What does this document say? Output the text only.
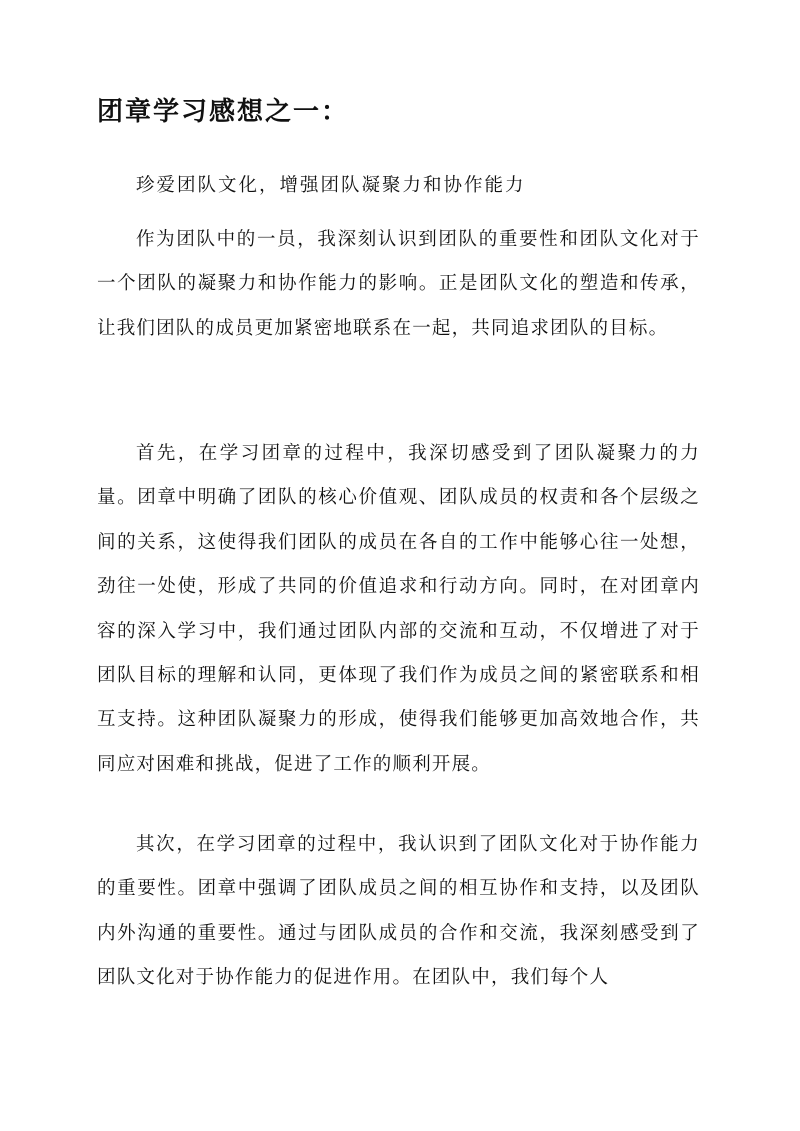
团章学习感想之一：

珍爱团队文化，增强团队凝聚力和协作能力

作为团队中的一员，我深刻认识到团队的重要性和团队文化对于一个团队的凝聚力和协作能力的影响。正是团队文化的塑造和传承，让我们团队的成员更加紧密地联系在一起，共同追求团队的目标。

首先，在学习团章的过程中，我深切感受到了团队凝聚力的力量。团章中明确了团队的核心价值观、团队成员的权责和各个层级之间的关系，这使得我们团队的成员在各自的工作中能够心往一处想，劲往一处使，形成了共同的价值追求和行动方向。同时，在对团章内容的深入学习中，我们通过团队内部的交流和互动，不仅增进了对于团队目标的理解和认同，更体现了我们作为成员之间的紧密联系和相互支持。这种团队凝聚力的形成，使得我们能够更加高效地合作，共同应对困难和挑战，促进了工作的顺利开展。

其次，在学习团章的过程中，我认识到了团队文化对于协作能力的重要性。团章中强调了团队成员之间的相互协作和支持，以及团队内外沟通的重要性。通过与团队成员的合作和交流，我深刻感受到了团队文化对于协作能力的促进作用。在团队中，我们每个人
